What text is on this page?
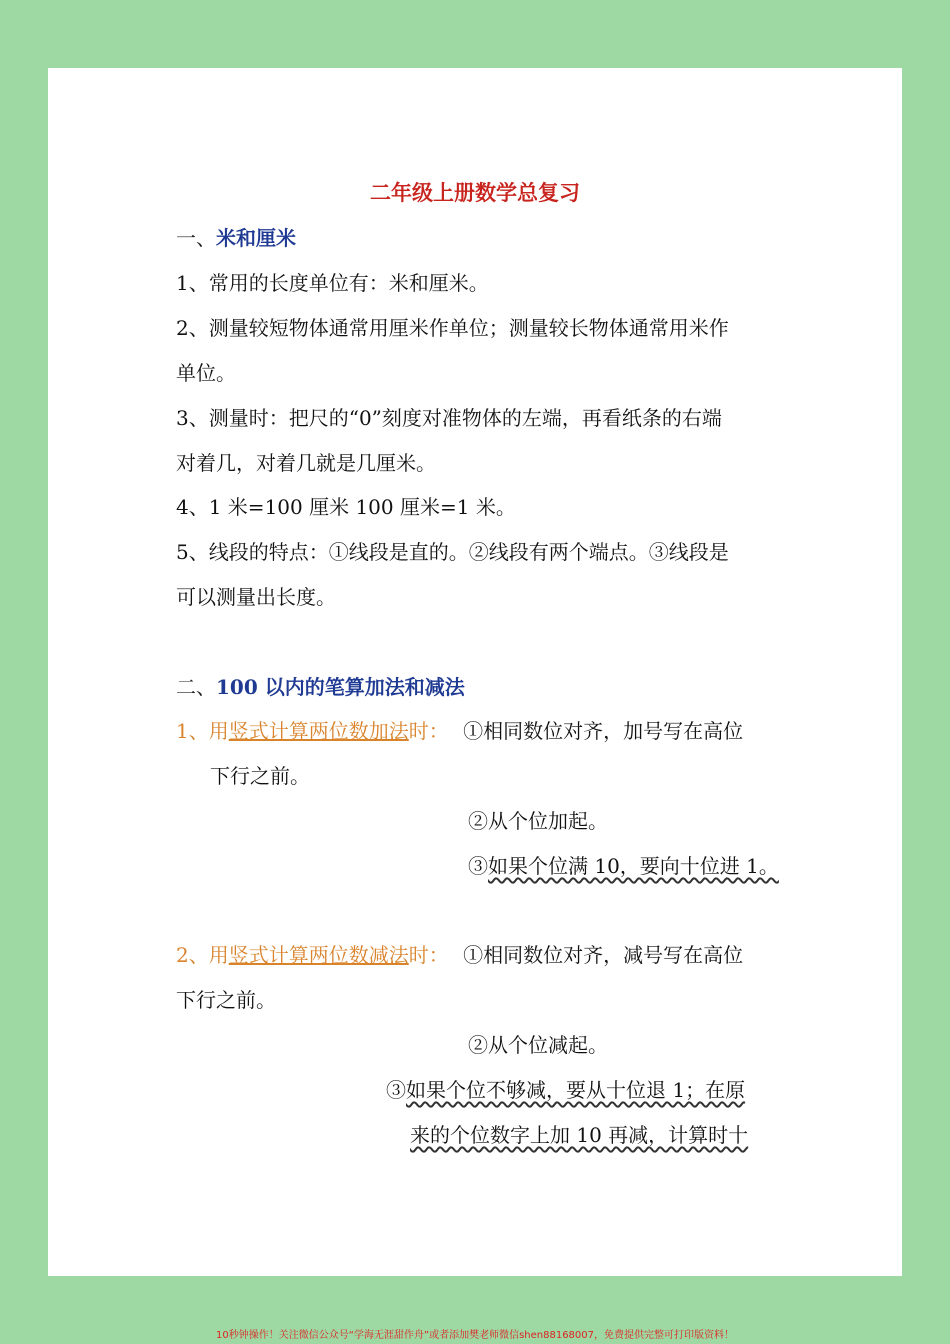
二年级上册数学总复习
一、米和厘米
1、常用的长度单位有：米和厘米。
2、测量较短物体通常用厘米作单位；测量较长物体通常用米作
单位。
3、测量时：把尺的“0”刻度对准物体的左端，再看纸条的右端
对着几，对着几就是几厘米。
4、1 米=100 厘米 100 厘米=1 米。
5、线段的特点：①线段是直的。②线段有两个端点。③线段是
可以测量出长度。
二、100 以内的笔算加法和减法
1、用竖式计算两位数加法时： ①相同数位对齐，加号写在高位
下行之前。
②从个位加起。
③如果个位满 10，要向十位进 1。
2、用竖式计算两位数减法时： ①相同数位对齐，减号写在高位
下行之前。
②从个位减起。
③如果个位不够减，要从十位退 1；在原
来的个位数字上加 10 再减，计算时十
10秒钟操作！关注微信公众号“学海无涯甜作舟”或者添加樊老师微信shen88168007，免费提供完整可打印版资料！
